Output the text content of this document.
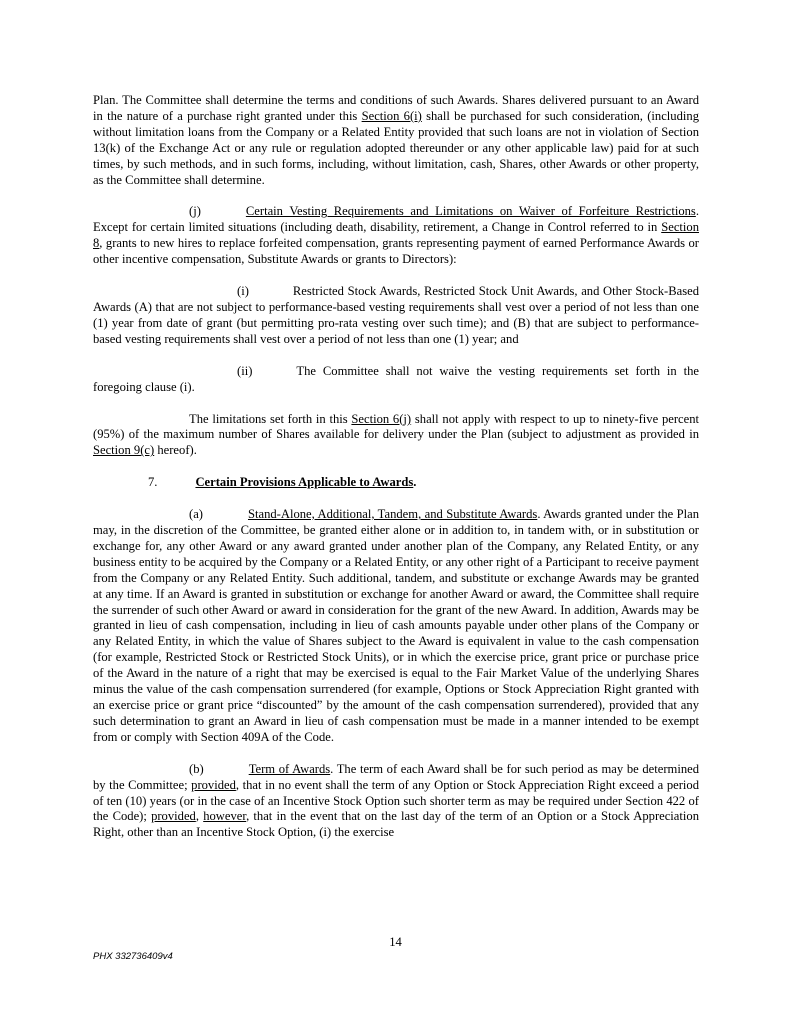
Plan. The Committee shall determine the terms and conditions of such Awards. Shares delivered pursuant to an Award in the nature of a purchase right granted under this Section 6(i) shall be purchased for such consideration, (including without limitation loans from the Company or a Related Entity provided that such loans are not in violation of Section 13(k) of the Exchange Act or any rule or regulation adopted thereunder or any other applicable law) paid for at such times, by such methods, and in such forms, including, without limitation, cash, Shares, other Awards or other property, as the Committee shall determine.

(j)	Certain Vesting Requirements and Limitations on Waiver of Forfeiture Restrictions. Except for certain limited situations (including death, disability, retirement, a Change in Control referred to in Section 8, grants to new hires to replace forfeited compensation, grants representing payment of earned Performance Awards or other incentive compensation, Substitute Awards or grants to Directors):

(i)	Restricted Stock Awards, Restricted Stock Unit Awards, and Other Stock-Based Awards (A) that are not subject to performance-based vesting requirements shall vest over a period of not less than one (1) year from date of grant (but permitting pro-rata vesting over such time); and (B) that are subject to performance-based vesting requirements shall vest over a period of not less than one (1) year; and

(ii)	The Committee shall not waive the vesting requirements set forth in the foregoing clause (i).

The limitations set forth in this Section 6(j) shall not apply with respect to up to ninety-five percent (95%) of the maximum number of Shares available for delivery under the Plan (subject to adjustment as provided in Section 9(c) hereof).

7.	Certain Provisions Applicable to Awards.

(a)	Stand-Alone, Additional, Tandem, and Substitute Awards. Awards granted under the Plan may, in the discretion of the Committee, be granted either alone or in addition to, in tandem with, or in substitution or exchange for, any other Award or any award granted under another plan of the Company, any Related Entity, or any business entity to be acquired by the Company or a Related Entity, or any other right of a Participant to receive payment from the Company or any Related Entity. Such additional, tandem, and substitute or exchange Awards may be granted at any time. If an Award is granted in substitution or exchange for another Award or award, the Committee shall require the surrender of such other Award or award in consideration for the grant of the new Award. In addition, Awards may be granted in lieu of cash compensation, including in lieu of cash amounts payable under other plans of the Company or any Related Entity, in which the value of Shares subject to the Award is equivalent in value to the cash compensation (for example, Restricted Stock or Restricted Stock Units), or in which the exercise price, grant price or purchase price of the Award in the nature of a right that may be exercised is equal to the Fair Market Value of the underlying Shares minus the value of the cash compensation surrendered (for example, Options or Stock Appreciation Right granted with an exercise price or grant price “discounted” by the amount of the cash compensation surrendered), provided that any such determination to grant an Award in lieu of cash compensation must be made in a manner intended to be exempt from or comply with Section 409A of the Code.

(b)	Term of Awards. The term of each Award shall be for such period as may be determined by the Committee; provided, that in no event shall the term of any Option or Stock Appreciation Right exceed a period of ten (10) years (or in the case of an Incentive Stock Option such shorter term as may be required under Section 422 of the Code); provided, however, that in the event that on the last day of the term of an Option or a Stock Appreciation Right, other than an Incentive Stock Option, (i) the exercise

14
PHX 332736409v4
